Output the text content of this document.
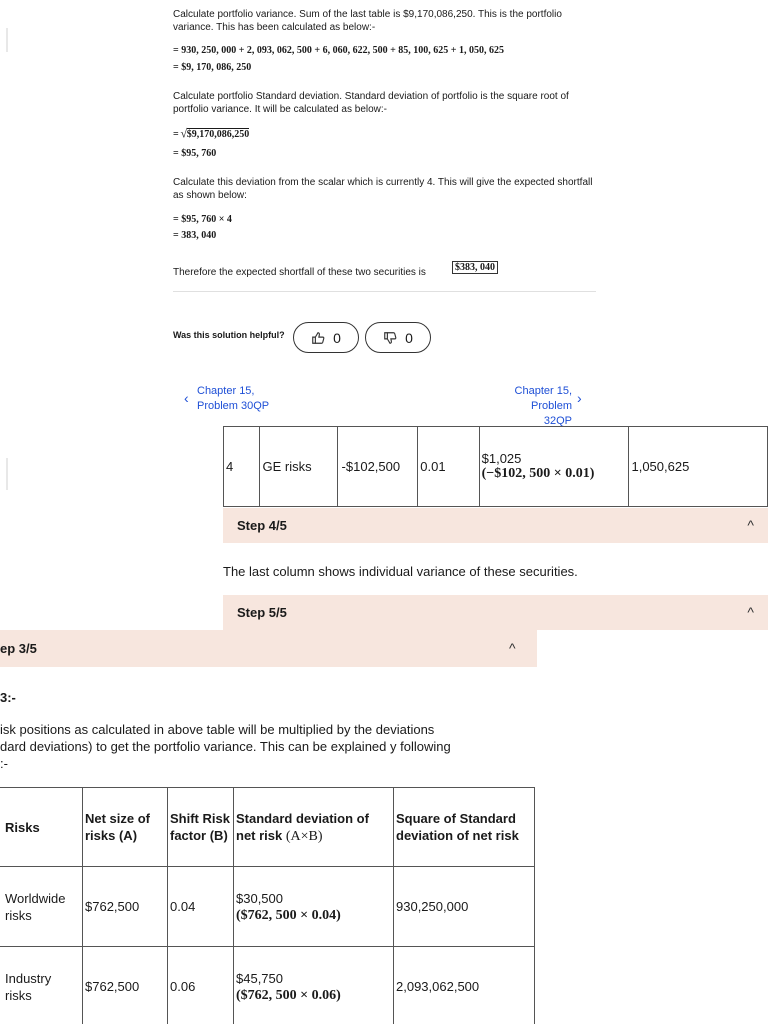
Calculate portfolio variance. Sum of the last table is $9,170,086,250. This is the portfolio variance. This has been calculated as below:-
= 930, 250, 000 + 2, 093, 062, 500 + 6, 060, 622, 500 + 85, 100, 625 + 1, 050, 625
= $9, 170, 086, 250
Calculate portfolio Standard deviation. Standard deviation of portfolio is the square root of portfolio variance. It will be calculated as below:-
= √$9,170,086,250
= $95, 760
Calculate this deviation from the scalar which is currently 4. This will give the expected shortfall as shown below:
= $95, 760 × 4
= 383, 040
Therefore the expected shortfall of these two securities is	$383, 040
Was this solution helpful?	0	0
‹ Chapter 15,
Problem 30QP
Chapter 15,
Problem 32QP
›
4	GE risks	-$102,500	0.01	
$1,025
(−$102, 500 × 0.01)	1,050,625
Step 4/5	^
The last column shows individual variance of these securities.
Step 5/5	^
ep 3/5	^
3:-
isk positions as calculated in above table will be multiplied by the deviations
dard deviations) to get the portfolio variance. This can be explained y following
:-
Risks	Net size of risks (A)	Shift Risk factor (B)	Standard deviation of net risk (A×B)	Square of Standard deviation of net risk
Worldwide risks	$762,500	0.04	$30,500
($762, 500 × 0.04)	930,250,000
Industry risks	$762,500	0.06	$45,750
($762, 500 × 0.06)	2,093,062,500
